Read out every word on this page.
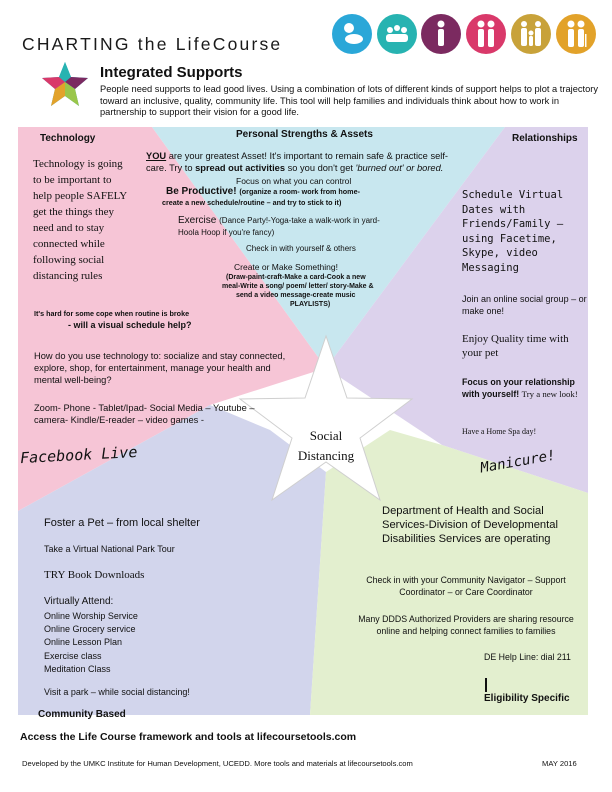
CHARTING the LifeCourse
Integrated Supports
People need supports to lead good lives. Using a combination of lots of different kinds of support helps to plot a trajectory toward an inclusive, quality, community life. This tool will help families and individuals think about how to work in partnership to support their vision for a good life.
Social
Distancing
Technology
Technology is going to be important to help people SAFELY get the things they need and to stay connected while following social distancing rules
It's hard for some cope when routine is broke
- will a visual schedule help?
How do you use technology to: socialize and stay connected, explore, shop, for entertainment, manage your health and mental well-being?
Zoom- Phone - Tablet/Ipad- Social Media – Youtube – camera- Kindle/E-reader – video games -
Facebook Live
Personal Strengths & Assets
YOU are your greatest Asset! It's important to remain safe & practice self-
care. Try to spread out activities so you don't get 'burned out' or bored.
Focus on what you can control
Be Productive! (organize a room- work from home-
create a new schedule/routine – and try to stick to it)
Exercise (Dance Party!-Yoga-take a walk-work in yard-
Hoola Hoop if you're fancy)
Check in with yourself & others
Create or Make Something!
(Draw-paint-craft-Make a card-Cook a new
meal-Write a song/ poem/ letter/ story-Make &
send a video message-create music
PLAYLISTS)
Relationships
Schedule Virtual Dates with Friends/Family – using Facetime, Skype, video Messaging
Join an online social group – or make one!
Enjoy Quality time with your pet
Focus on your relationship with yourself! Try a new look!
Have a Home Spa day!
Manicure!
Foster a Pet – from local shelter
Take a Virtual National Park Tour
TRY Book Downloads
Virtually Attend:
Online Worship Service
Online Grocery service
Online Lesson Plan
Exercise class
Meditation Class
Visit a park – while social distancing!
Community Based
Department of Health and Social Services-Division of Developmental Disabilities Services are operating
Check in with your Community Navigator – Support Coordinator – or Care Coordinator
Many DDDS Authorized Providers are sharing resource online and helping connect families to families
DE Help Line: dial 211
Eligibility Specific
Access the Life Course framework and tools at lifecoursetools.com
Developed by the UMKC Institute for Human Development, UCEDD. More tools and materials at lifecoursetools.com	MAY 2016
